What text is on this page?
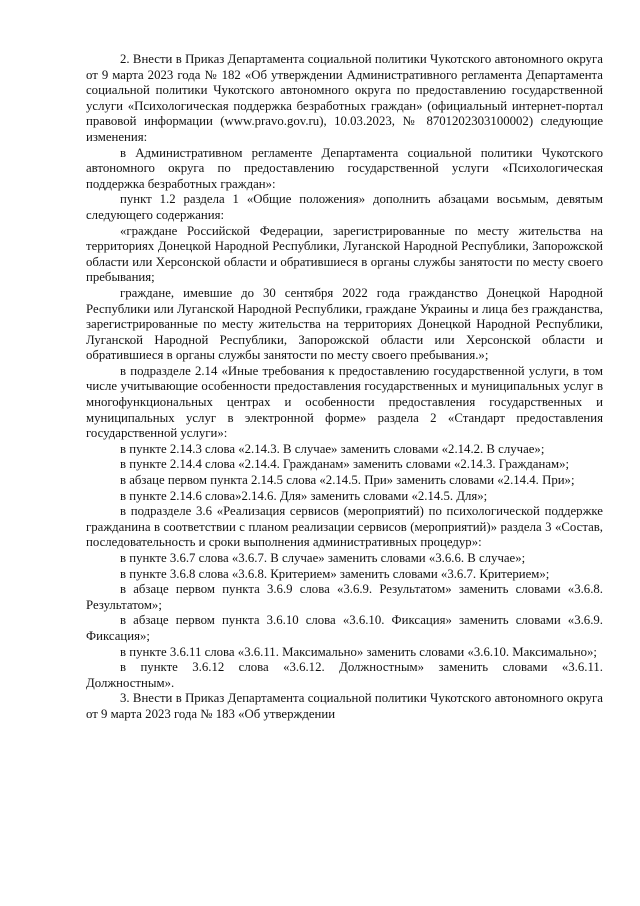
2. Внести в Приказ Департамента социальной политики Чукотского автономного округа от 9 марта 2023 года № 182 «Об утверждении Административного регламента Департамента социальной политики Чукотского автономного округа по предоставлению государственной услуги «Психологическая поддержка безработных граждан» (официальный интернет-портал правовой информации (www.pravo.gov.ru), 10.03.2023, № 8701202303100002) следующие изменения:

в Административном регламенте Департамента социальной политики Чукотского автономного округа по предоставлению государственной услуги «Психологическая поддержка безработных граждан»:

пункт 1.2 раздела 1 «Общие положения» дополнить абзацами восьмым, девятым следующего содержания:

«граждане Российской Федерации, зарегистрированные по месту жительства на территориях Донецкой Народной Республики, Луганской Народной Республики, Запорожской области или Херсонской области и обратившиеся в органы службы занятости по месту своего пребывания;

граждане, имевшие до 30 сентября 2022 года гражданство Донецкой Народной Республики или Луганской Народной Республики, граждане Украины и лица без гражданства, зарегистрированные по месту жительства на территориях Донецкой Народной Республики, Луганской Народной Республики, Запорожской области или Херсонской области и обратившиеся в органы службы занятости по месту своего пребывания.»;

в подразделе 2.14 «Иные требования к предоставлению государственной услуги, в том числе учитывающие особенности предоставления государственных и муниципальных услуг в многофункциональных центрах и особенности предоставления государственных и муниципальных услуг в электронной форме» раздела 2 «Стандарт предоставления государственной услуги»:

в пункте 2.14.3 слова «2.14.3. В случае» заменить словами «2.14.2. В случае»;

в пункте 2.14.4 слова «2.14.4. Гражданам» заменить словами «2.14.3. Гражданам»;

в абзаце первом пункта 2.14.5 слова «2.14.5. При» заменить словами «2.14.4. При»;

в пункте 2.14.6 слова»2.14.6. Для» заменить словами «2.14.5. Для»;

в подразделе 3.6 «Реализация сервисов (мероприятий) по психологической поддержке гражданина в соответствии с планом реализации сервисов (мероприятий)» раздела 3 «Состав, последовательность и сроки выполнения административных процедур»:

в пункте 3.6.7 слова «3.6.7. В случае» заменить словами «3.6.6. В случае»;

в пункте 3.6.8 слова «3.6.8. Критерием» заменить словами «3.6.7. Критерием»;

в абзаце первом пункта 3.6.9 слова «3.6.9. Результатом» заменить словами «3.6.8. Результатом»;

в абзаце первом пункта 3.6.10 слова «3.6.10. Фиксация» заменить словами «3.6.9. Фиксация»;

в пункте 3.6.11 слова «3.6.11. Максимально» заменить словами «3.6.10. Максимально»;

в пункте 3.6.12 слова «3.6.12. Должностным» заменить словами «3.6.11. Должностным».

3. Внести в Приказ Департамента социальной политики Чукотского автономного округа от 9 марта 2023 года № 183 «Об утверждении
